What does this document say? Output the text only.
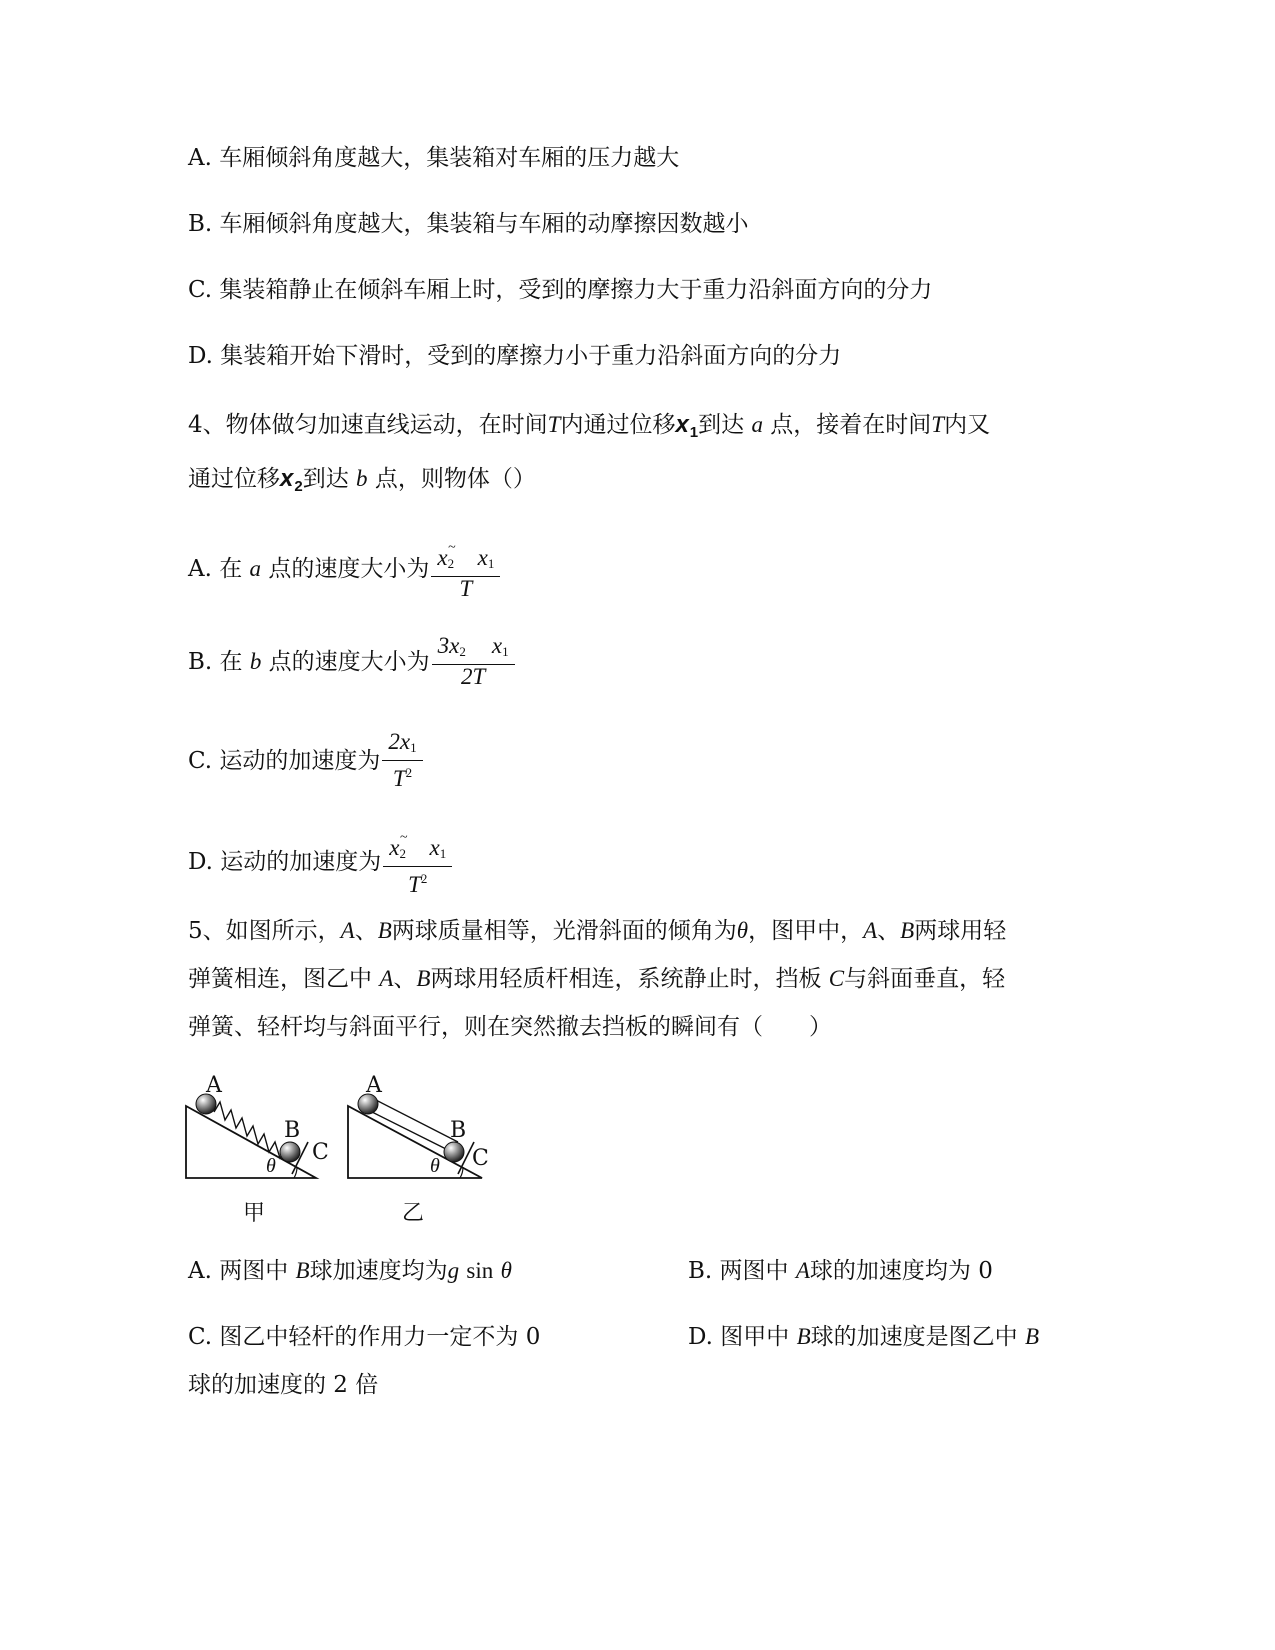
A. 车厢倾斜角度越大，集装箱对车厢的压力越大
B. 车厢倾斜角度越大，集装箱与车厢的动摩擦因数越小
C. 集装箱静止在倾斜车厢上时，受到的摩擦力大于重力沿斜面方向的分力
D. 集装箱开始下滑时，受到的摩擦力小于重力沿斜面方向的分力
4、物体做匀加速直线运动，在时间T内通过位移$x_1$到达 a 点，接着在时间T内又
通过位移$x_2$到达 b 点，则物体（）
A. 在
a
点的速度大小为 $\frac{x_2^\sim x_1}{T}$
B. 在
b
点的速度大小为 $\frac{3x_2 x_1}{2T}$
C. 运动的加速度为 $\frac{2x_1}{T^2}$
D. 运动的加速度为 $\frac{x_2^\sim x_1}{T^2}$
5、如图所示，A、B两球质量相等，光滑斜面的倾角为θ，图甲中，A、B两球用轻
弹簧相连，图乙中 A、B两球用轻质杆相连，系统静止时，挡板 C与斜面垂直，轻
弹簧、轻杆均与斜面平行，则在突然撤去挡板的瞬间有（　　）
A
B
C
θ
甲
A
B
C
θ
乙
A. 两图中 B球加速度均为g sin θ	B. 两图中 A球的加速度均为 0
C. 图乙中轻杆的作用力一定不为 0	D. 图甲中 B球的加速度是图乙中 B
球的加速度的 2 倍
